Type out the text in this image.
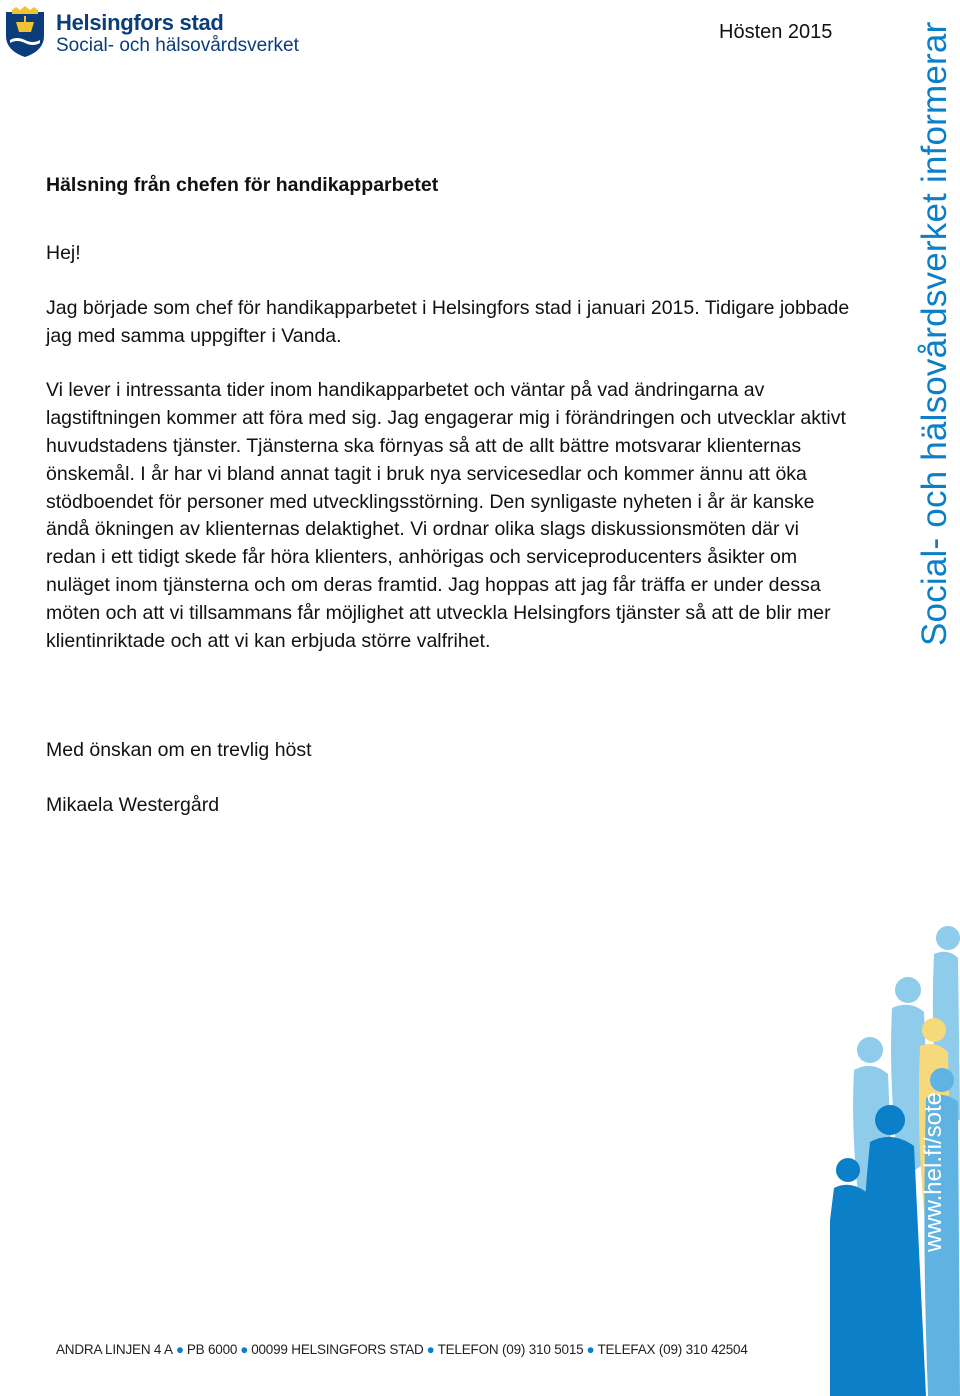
Helsingfors stad
Social- och hälsovårdsverket
Hösten 2015 Social- och hälsovårdsverket informerar
Hälsning från chefen för handikapparbetet

Hej!

Jag började som chef för handikapparbetet i Helsingfors stad i januari 2015. Tidigare jobbade jag med samma uppgifter i Vanda.

Vi lever i intressanta tider inom handikapparbetet och väntar på vad ändringarna av lagstiftningen kommer att föra med sig. Jag engagerar mig i förändringen och utvecklar aktivt huvudstadens tjänster. Tjänsterna ska förnyas så att de allt bättre motsvarar klienternas önskemål. I år har vi bland annat tagit i bruk nya servicesedlar och kommer ännu att öka stödboendet för personer med utvecklingsstörning. Den synligaste nyheten i år är kanske ändå ökningen av klienternas delaktighet. Vi ordnar olika slags diskussionsmöten där vi redan i ett tidigt skede får höra klienters, anhörigas och serviceproducenters åsikter om nuläget inom tjänsterna och om deras framtid. Jag hoppas att jag får träffa er under dessa möten och att vi tillsammans får möjlighet att utveckla Helsingfors tjänster så att de blir mer klientinriktade och att vi kan erbjuda större valfrihet.

Med önskan om en trevlig höst
Mikaela Westergård
www.hel.fi/sote
ANDRA LINJEN 4 A ● PB 6000 ● 00099 HELSINGFORS STAD ● TELEFON (09) 310 5015 ● TELEFAX (09) 310 42504
